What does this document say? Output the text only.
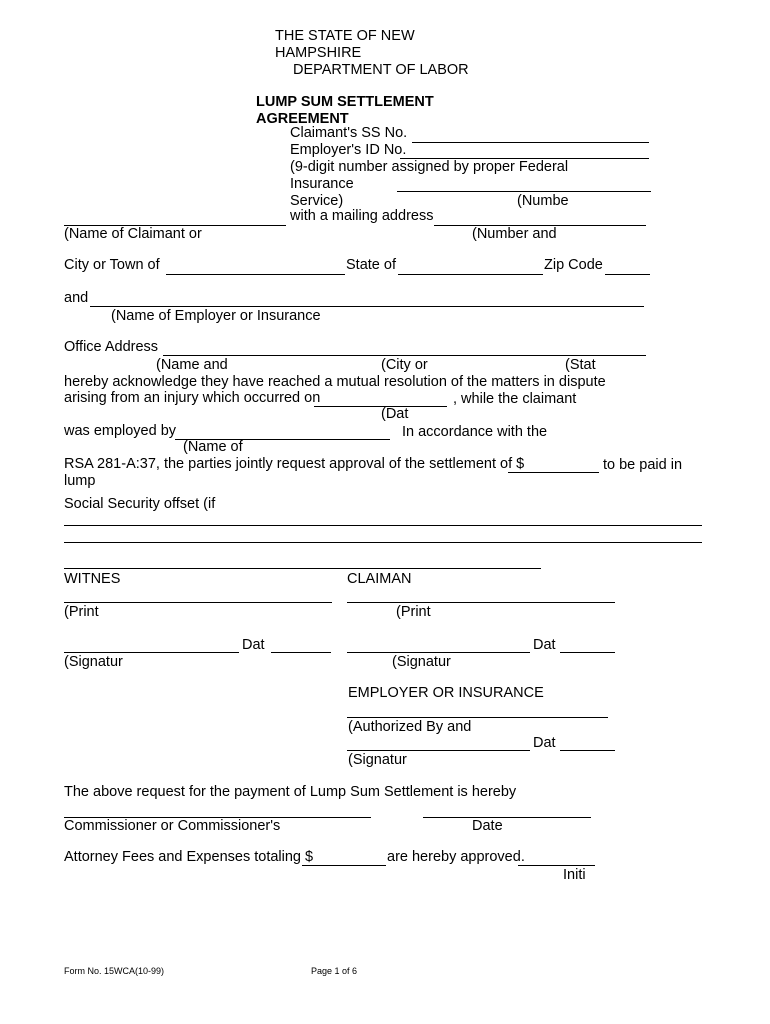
THE STATE OF NEW
HAMPSHIRE
DEPARTMENT OF LABOR
LUMP SUM SETTLEMENT
AGREEMENT
Claimant's SS No.
Employer's ID No.
(9-digit number assigned by proper Federal
Insurance
Service)	(Numbe
with a mailing address
(Name of Claimant or	(Number and
City or Town of	State of	Zip Code
and
(Name of Employer or Insurance
Office Address
(Name and	(City or	(Stat
hereby acknowledge they have reached a mutual resolution of the matters in dispute
arising from an injury which occurred on	, while the claimant
(Dat
was employed by	In accordance with the
(Name of
RSA 281-A:37, the parties jointly request approval of the settlement of $	to be paid in
lump
Social Security offset (if
WITNES	CLAIMAN
(Print	(Print
Dat	Dat
(Signatur	(Signatur
EMPLOYER OR INSURANCE
(Authorized By and
Dat
(Signatur
The above request for the payment of Lump Sum Settlement is hereby
Commissioner or Commissioner's	Date
Attorney Fees and Expenses totaling $	are hereby approved.
Initi
Form No. 15WCA(10-99)	Page 1 of 6
